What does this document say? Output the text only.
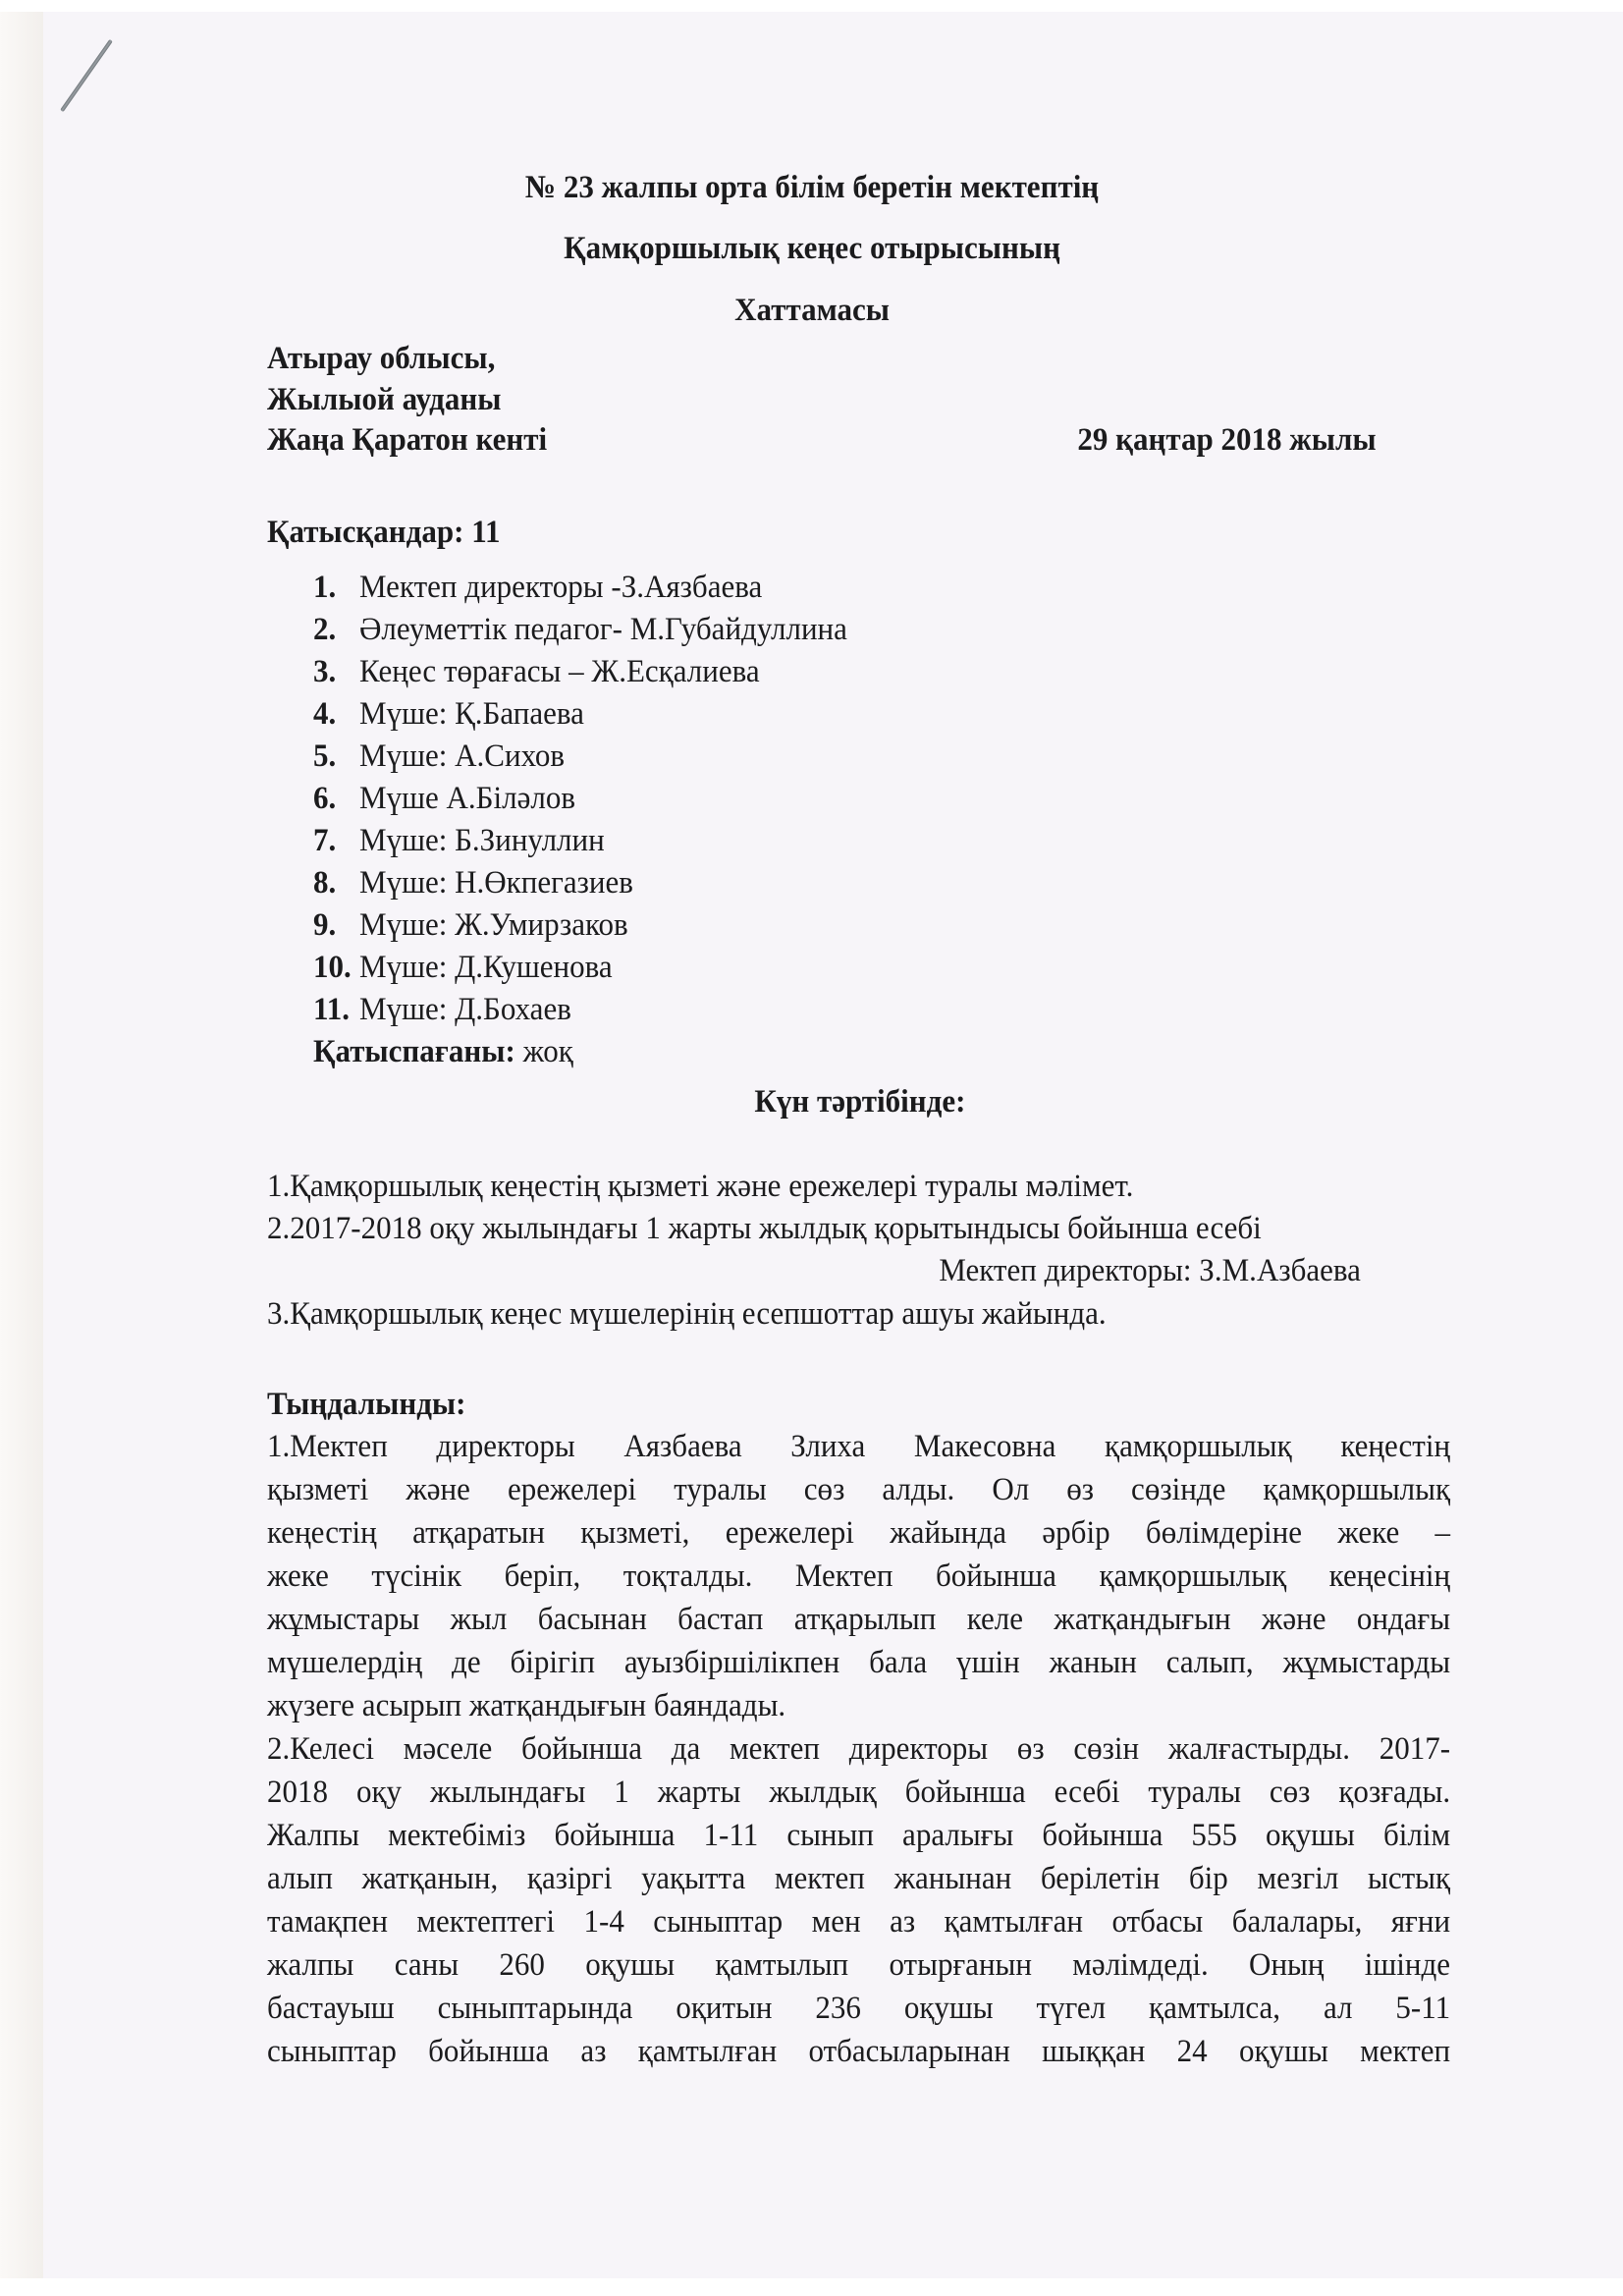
№ 23 жалпы орта білім беретін мектептің
Қамқоршылық кеңес отырысының
Хаттамасы
Атырау облысы,
Жылыой ауданы
Жаңа Қаратон кенті	29 қаңтар 2018 жылы
Қатысқандар: 11
1. Мектеп директоры -З.Аязбаева
2. Әлеуметтік педагог- М.Губайдуллина
3. Кеңес төрағасы – Ж.Есқалиева
4. Мүше: Қ.Бапаева
5. Мүше: А.Сихов
6. Мүше А.Біләлов
7. Мүше: Б.Зинуллин
8. Мүше: Н.Өкпегазиев
9. Мүше: Ж.Умирзаков
10. Мүше: Д.Кушенова
11. Мүше: Д.Бохаев
Қатыспағаны: жоқ
Күн тәртібінде:
1.Қамқоршылық кеңестің қызметі және ережелері туралы мәлімет.
2.2017-2018 оқу жылындағы 1 жарты жылдық қорытындысы бойынша есебі
Мектеп директоры: З.М.Азбаева
3.Қамқоршылық кеңес мүшелерінің есепшоттар ашуы жайында.
Тыңдалынды:
1.Мектеп директоры Аязбаева Злиха Макесовна қамқоршылық кеңестің
қызметі және ережелері туралы сөз алды. Ол өз сөзінде қамқоршылық
кеңестің атқаратын қызметі, ережелері жайында әрбір бөлімдеріне жеке –
жеке түсінік беріп, тоқталды. Мектеп бойынша қамқоршылық кеңесінің
жұмыстары жыл басынан бастап атқарылып келе жатқандығын және ондағы
мүшелердің де бірігіп ауызбіршілікпен бала үшін жанын салып, жұмыстарды
жүзеге асырып жатқандығын баяндады.
2.Келесі мәселе бойынша да мектеп директоры өз сөзін жалғастырды. 2017-
2018 оқу жылындағы 1 жарты жылдық бойынша есебі туралы сөз қозғады.
Жалпы мектебіміз бойынша 1-11 сынып аралығы бойынша 555 оқушы білім
алып жатқанын, қазіргі уақытта мектеп жанынан берілетін бір мезгіл ыстық
тамақпен мектептегі 1-4 сыныптар мен аз қамтылған отбасы балалары, яғни
жалпы саны 260 оқушы қамтылып отырғанын мәлімдеді. Оның ішінде
бастауыш сыныптарында оқитын 236 оқушы түгел қамтылса, ал 5-11
сыныптар бойынша аз қамтылған отбасыларынан шыққан 24 оқушы мектеп
